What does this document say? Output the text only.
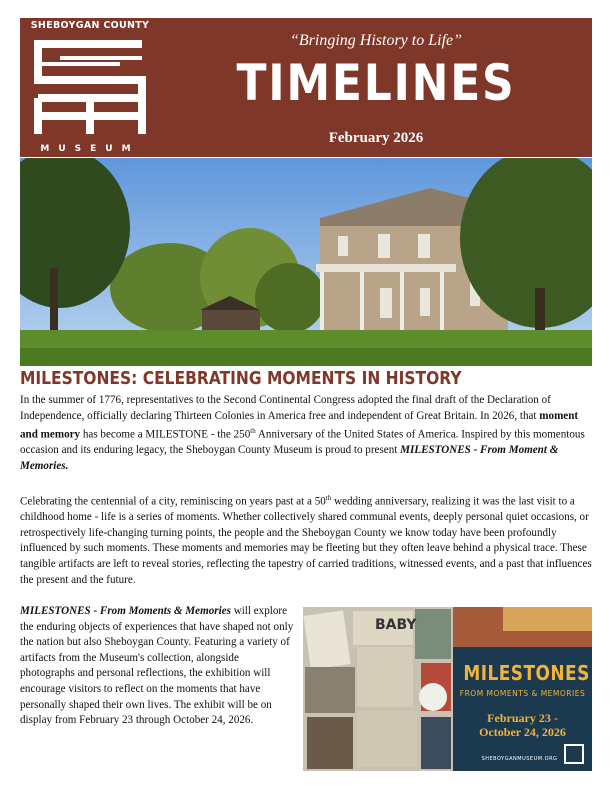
SHEBOYGAN COUNTY
MUSEUM
“Bringing History to Life”
TIMELINES
February 2026
MILESTONES: CELEBRATING MOMENTS IN HISTORY

In the summer of 1776, representatives to the Second Continental Congress adopted the final draft of the Declaration of Independence, officially declaring Thirteen Colonies in America free and independent of Great Britain. In 2026, that moment and memory has become a MILESTONE - the 250th Anniversary of the United States of America. Inspired by this momentous occasion and its enduring legacy, the Sheboygan County Museum is proud to present MILESTONES - From Moment & Memories.

Celebrating the centennial of a city, reminiscing on years past at a 50th wedding anniversary, realizing it was the last visit to a childhood home - life is a series of moments. Whether collectively shared communal events, deeply personal quiet occasions, or retrospectively life-changing turning points, the people and the Sheboygan County we know today have been profoundly influenced by such moments. These moments and memories may be fleeting but they often leave behind a physical trace. These tangible artifacts are left to reveal stories, reflecting the tapestry of carried traditions, witnessed events, and a past that influences the present and the future.

MILESTONES - From Moments & Memories will explore the enduring objects of experiences that have shaped not only the nation but also Sheboygan County. Featuring a variety of artifacts from the Museum's collection, alongside photographs and personal reflections, the exhibition will encourage visitors to reflect on the moments that have personally shaped their own lives. The exhibit will be on display from February 23 through October 24, 2026.

BABY
MILESTONES
FROM MOMENTS & MEMORIES
February 23 -
October 24, 2026
SHEBOYGANMUSEUM.ORG
